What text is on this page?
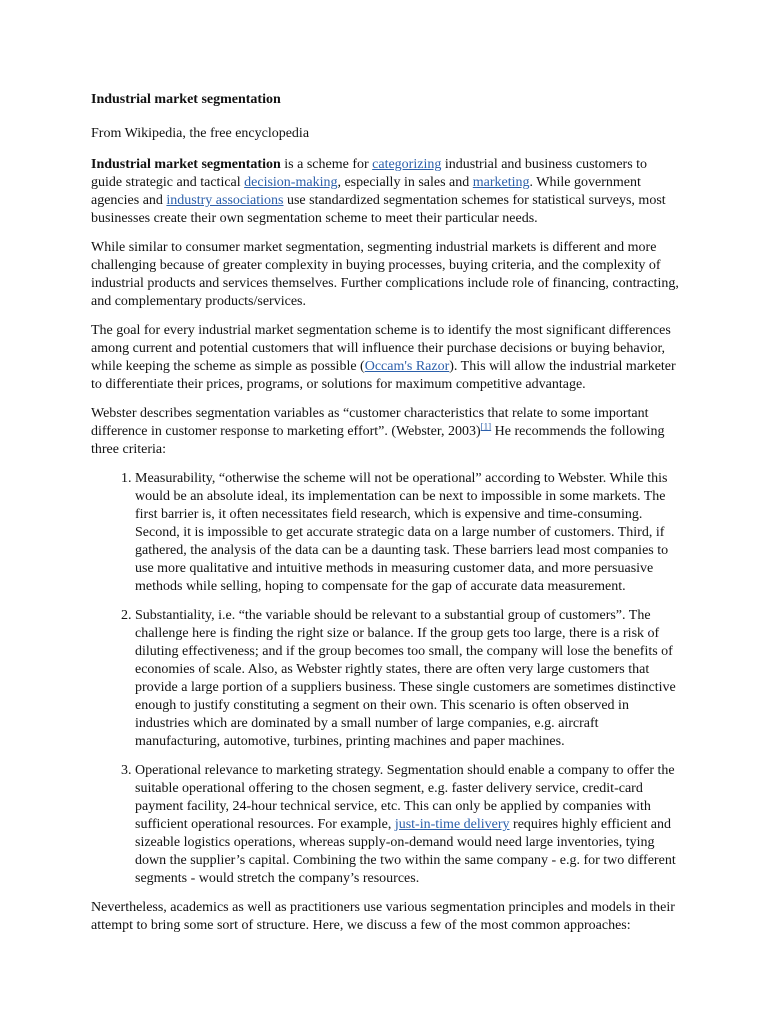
Industrial market segmentation

From Wikipedia, the free encyclopedia

Industrial market segmentation is a scheme for categorizing industrial and business customers to guide strategic and tactical decision-making, especially in sales and marketing. While government agencies and industry associations use standardized segmentation schemes for statistical surveys, most businesses create their own segmentation scheme to meet their particular needs.

While similar to consumer market segmentation, segmenting industrial markets is different and more challenging because of greater complexity in buying processes, buying criteria, and the complexity of industrial products and services themselves. Further complications include role of financing, contracting, and complementary products/services.

The goal for every industrial market segmentation scheme is to identify the most significant differences among current and potential customers that will influence their purchase decisions or buying behavior, while keeping the scheme as simple as possible (Occam's Razor). This will allow the industrial marketer to differentiate their prices, programs, or solutions for maximum competitive advantage.

Webster describes segmentation variables as “customer characteristics that relate to some important difference in customer response to marketing effort”. (Webster, 2003)[1] He recommends the following three criteria:

1. Measurability, “otherwise the scheme will not be operational” according to Webster. While this would be an absolute ideal, its implementation can be next to impossible in some markets. The first barrier is, it often necessitates field research, which is expensive and time-consuming. Second, it is impossible to get accurate strategic data on a large number of customers. Third, if gathered, the analysis of the data can be a daunting task. These barriers lead most companies to use more qualitative and intuitive methods in measuring customer data, and more persuasive methods while selling, hoping to compensate for the gap of accurate data measurement.
2. Substantiality, i.e. “the variable should be relevant to a substantial group of customers”. The challenge here is finding the right size or balance. If the group gets too large, there is a risk of diluting effectiveness; and if the group becomes too small, the company will lose the benefits of economies of scale. Also, as Webster rightly states, there are often very large customers that provide a large portion of a suppliers business. These single customers are sometimes distinctive enough to justify constituting a segment on their own. This scenario is often observed in industries which are dominated by a small number of large companies, e.g. aircraft manufacturing, automotive, turbines, printing machines and paper machines.
3. Operational relevance to marketing strategy. Segmentation should enable a company to offer the suitable operational offering to the chosen segment, e.g. faster delivery service, credit-card payment facility, 24-hour technical service, etc. This can only be applied by companies with sufficient operational resources. For example, just-in-time delivery requires highly efficient and sizeable logistics operations, whereas supply-on-demand would need large inventories, tying down the supplier’s capital. Combining the two within the same company - e.g. for two different segments - would stretch the company’s resources.

Nevertheless, academics as well as practitioners use various segmentation principles and models in their attempt to bring some sort of structure. Here, we discuss a few of the most common approaches:
